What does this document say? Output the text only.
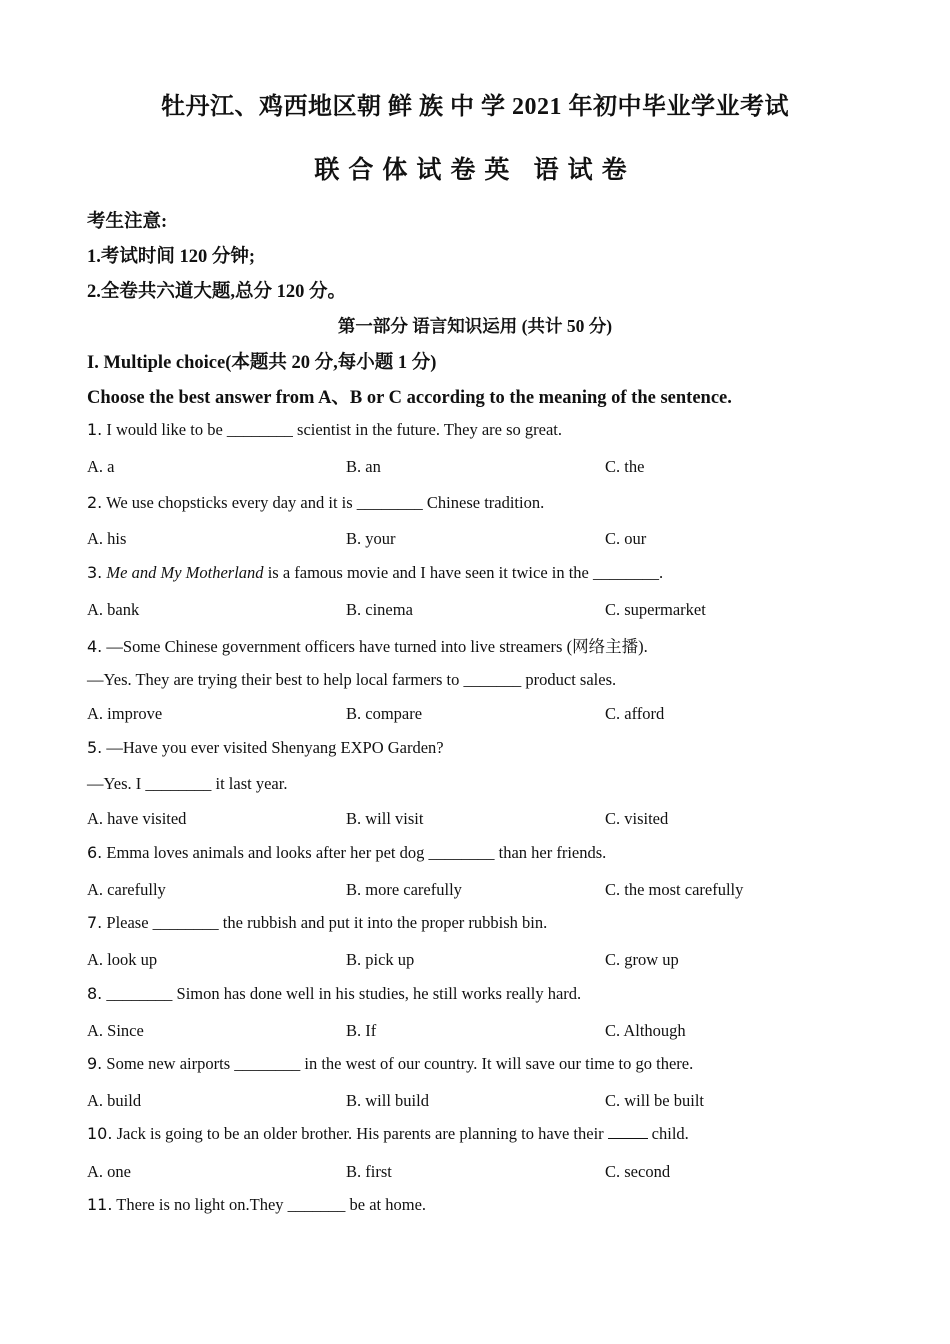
牡丹江、鸡西地区朝 鲜 族 中 学 2021 年初中毕业学业考试
联合体试卷英 语试卷
考生注意:
1.考试时间 120 分钟;
2.全卷共六道大题,总分 120 分。
第一部分 语言知识运用 (共计 50 分)
I. Multiple choice(本题共 20 分,每小题 1 分)
Choose the best answer from A、B or C according to the meaning of the sentence.
1. I would like to be ________ scientist in the future. They are so great.
A. a	B. an	C. the
2. We use chopsticks every day and it is ________ Chinese tradition.
A. his	B. your	C. our
3. Me and My Motherland is a famous movie and I have seen it twice in the ________.
A. bank	B. cinema	C. supermarket
4. —Some Chinese government officers have turned into live streamers (网络主播).
—Yes. They are trying their best to help local farmers to _______ product sales.
A. improve	B. compare	C. afford
5. —Have you ever visited Shenyang EXPO Garden?
—Yes. I ________ it last year.
A. have visited	B. will visit	C. visited
6. Emma loves animals and looks after her pet dog ________ than her friends.
A. carefully	B. more carefully	C. the most carefully
7. Please ________ the rubbish and put it into the proper rubbish bin.
A. look up	B. pick up	C. grow up
8. ________ Simon has done well in his studies, he still works really hard.
A. Since	B. If	C. Although
9. Some new airports ________ in the west of our country. It will save our time to go there.
A. build	B. will build	C. will be built
10. Jack is going to be an older brother. His parents are planning to have their	child.
A. one	B. first	C. second
11. There is no light on.They _______ be at home.
